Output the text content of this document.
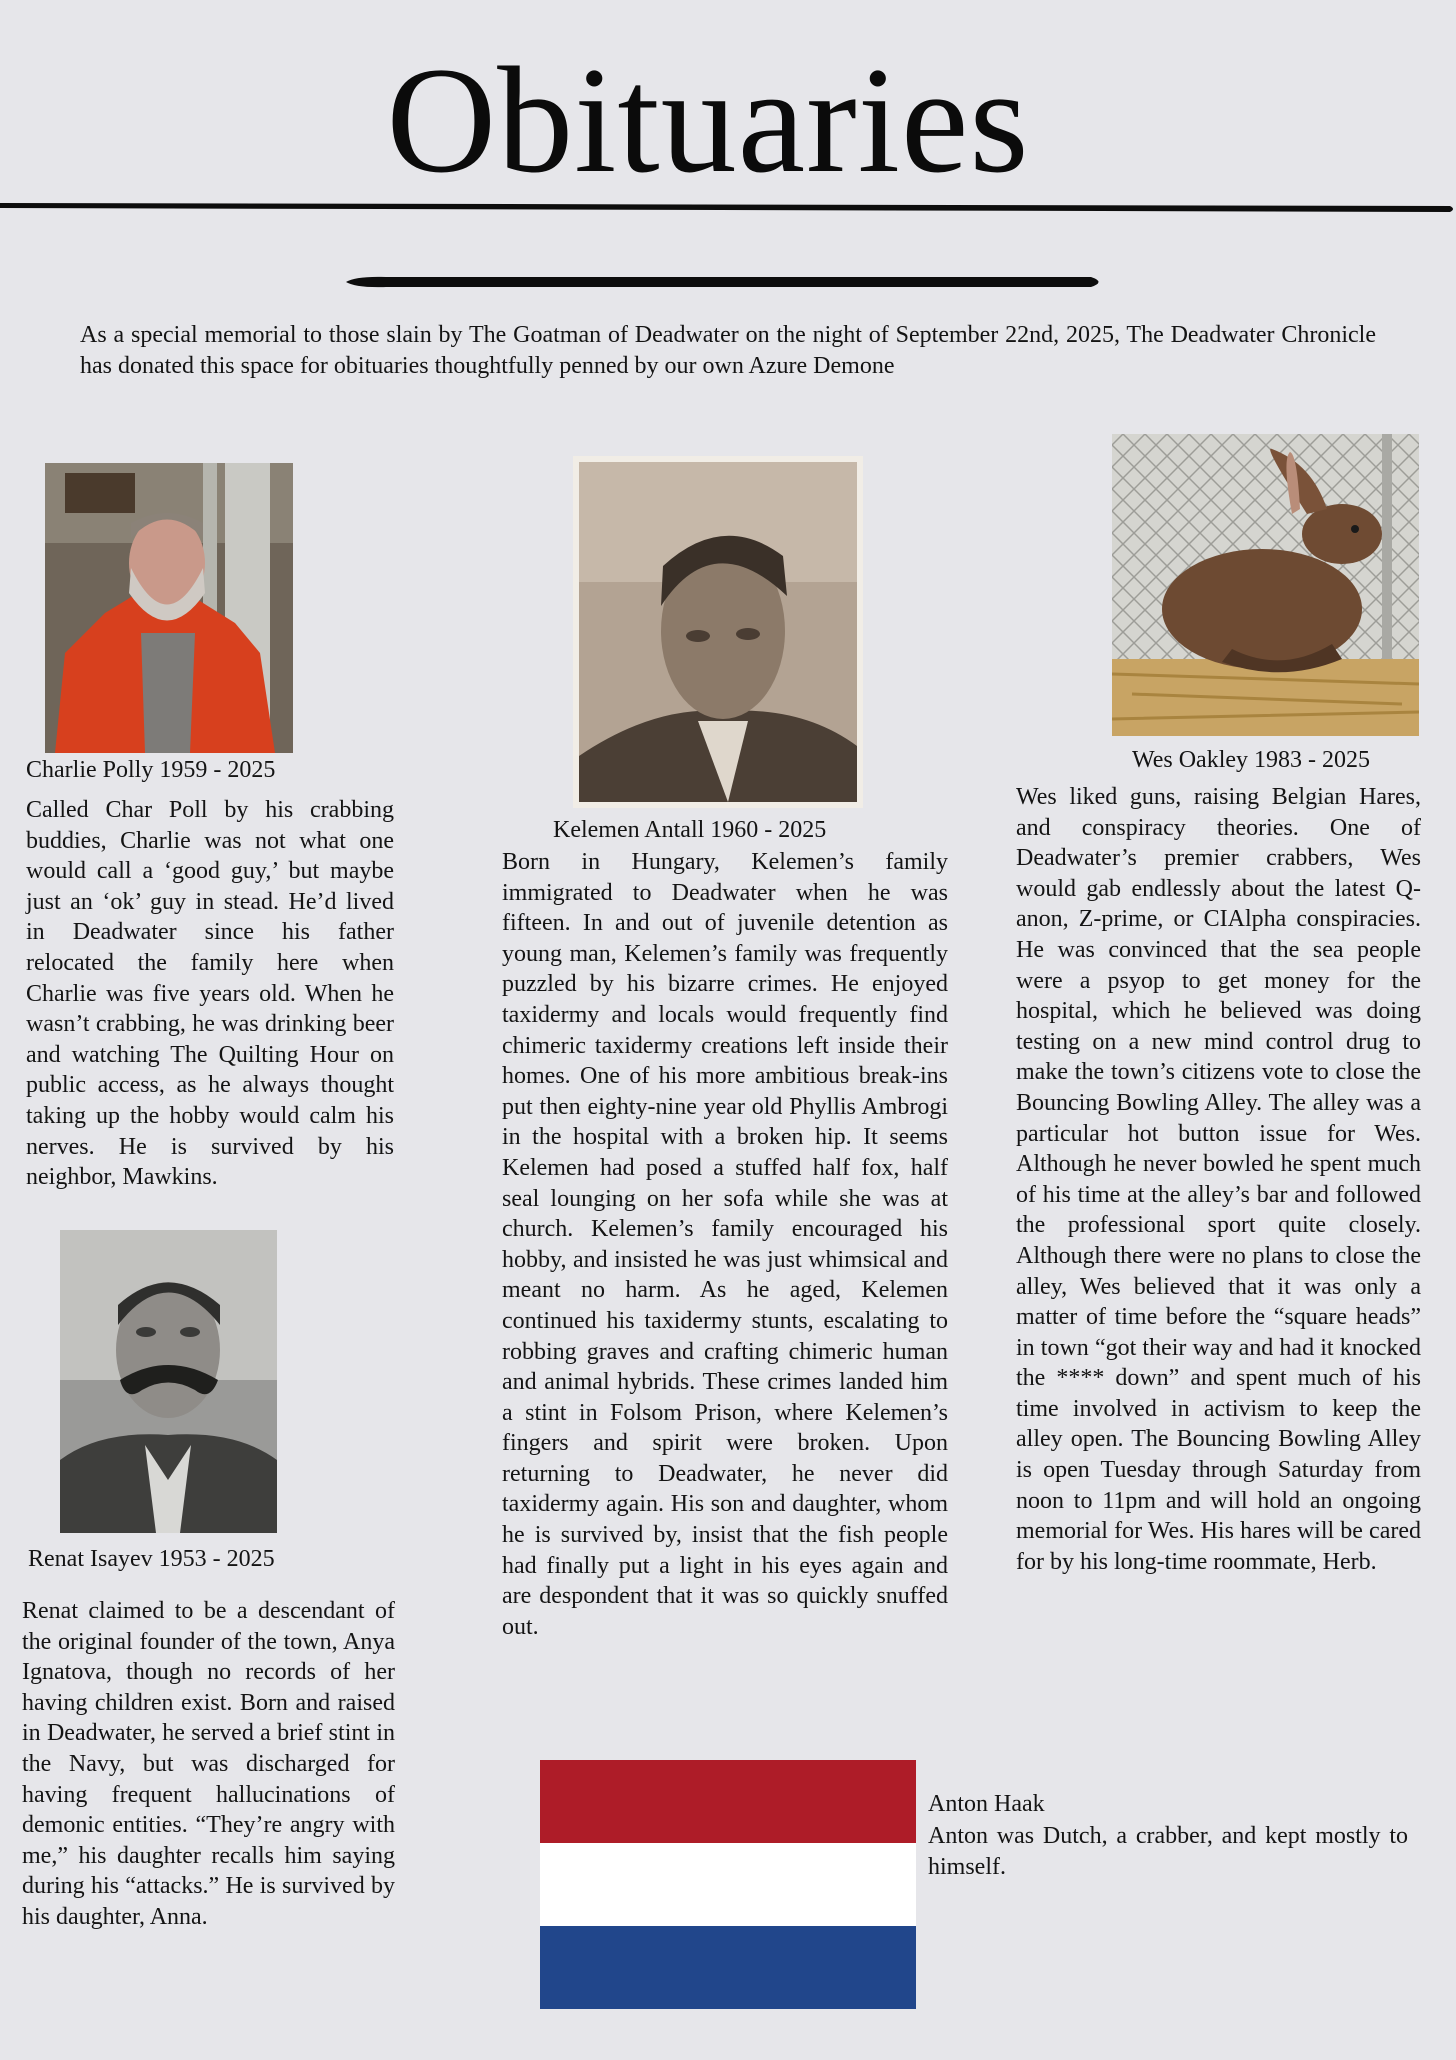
Obituaries
As a special memorial to those slain by The Goatman of Deadwater on the night of September 22nd, 2025, The Deadwater Chronicle has donated this space for obituaries thoughtfully penned by our own Azure Demone
Charlie Polly 1959 - 2025
Called Char Poll by his crabbing buddies, Charlie was not what one would call a ‘good guy,’ but maybe just an ‘ok’ guy in stead. He’d lived in Deadwater since his father relocated the family here when Charlie was five years old. When he wasn’t crabbing, he was drinking beer and watching The Quilting Hour on public access, as he always thought taking up the hobby would calm his nerves. He is survived by his neighbor, Mawkins.
Renat Isayev 1953 - 2025
Renat claimed to be a descendant of the original founder of the town, Anya Ignatova, though no records of her having children exist. Born and raised in Deadwater, he served a brief stint in the Navy, but was discharged for having frequent hallucinations of demonic entities. “They’re angry with me,” his daughter recalls him saying during his “attacks.” He is survived by his daughter, Anna.
Kelemen Antall 1960 - 2025
Born in Hungary, Kelemen’s family immigrated to Deadwater when he was fifteen. In and out of juvenile detention as young man, Kelemen’s family was frequently puzzled by his bizarre crimes. He enjoyed taxidermy and locals would frequently find chimeric taxidermy creations left inside their homes. One of his more ambitious break-ins put then eighty-nine year old Phyllis Ambrogi in the hospital with a broken hip. It seems Kelemen had posed a stuffed half fox, half seal lounging on her sofa while she was at church. Kelemen’s family encouraged his hobby, and insisted he was just whimsical and meant no harm. As he aged, Kelemen continued his taxidermy stunts, escalating to robbing graves and crafting chimeric human and animal hybrids. These crimes landed him a stint in Folsom Prison, where Kelemen’s fingers and spirit were broken. Upon returning to Deadwater, he never did taxidermy again. His son and daughter, whom he is survived by, insist that the fish people had finally put a light in his eyes again and are despondent that it was so quickly snuffed out.
Wes Oakley 1983 - 2025
Wes liked guns, raising Belgian Hares, and conspiracy theories. One of Deadwater’s premier crabbers, Wes would gab endlessly about the latest Q-anon, Z-prime, or CIAlpha conspiracies. He was convinced that the sea people were a psyop to get money for the hospital, which he believed was doing testing on a new mind control drug to make the town’s citizens vote to close the Bouncing Bowling Alley. The alley was a particular hot button issue for Wes. Although he never bowled he spent much of his time at the alley’s bar and followed the professional sport quite closely. Although there were no plans to close the alley, Wes believed that it was only a matter of time before the “square heads” in town “got their way and had it knocked the **** down” and spent much of his time involved in activism to keep the alley open. The Bouncing Bowling Alley is open Tuesday through Saturday from noon to 11pm and will hold an ongoing memorial for Wes. His hares will be cared for by his long-time roommate, Herb.
Anton Haak
Anton was Dutch, a crabber, and kept mostly to himself.
